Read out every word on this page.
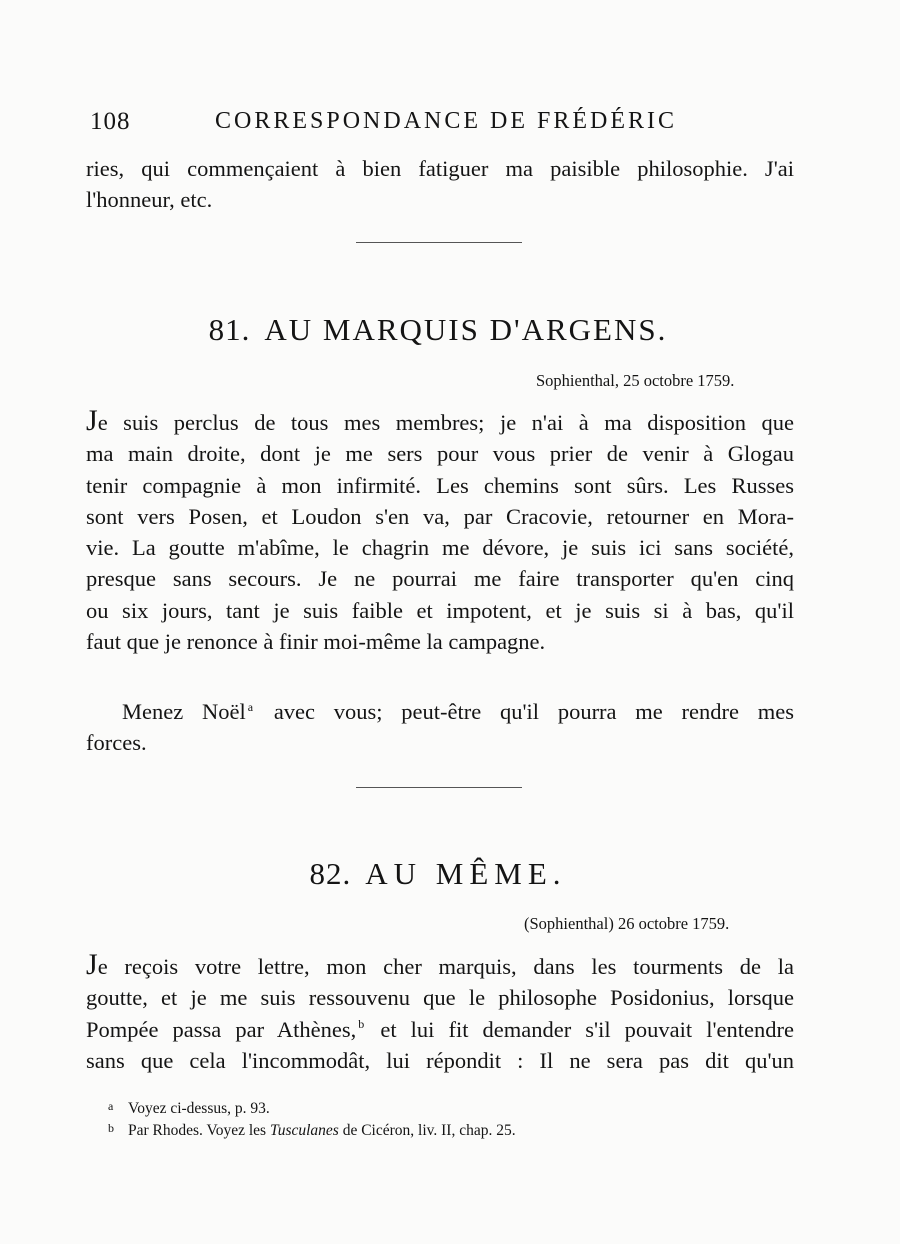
108	CORRESPONDANCE DE FRÉDÉRIC
ries, qui commençaient à bien fatiguer ma paisible philosophie. J'ai
l'honneur, etc.
81. AU MARQUIS D'ARGENS.
Sophienthal, 25 octobre 1759.
Je suis perclus de tous mes membres; je n'ai à ma disposition que
ma main droite, dont je me sers pour vous prier de venir à Glogau
tenir compagnie à mon infirmité. Les chemins sont sûrs. Les Russes
sont vers Posen, et Loudon s'en va, par Cracovie, retourner en Mora-
vie. La goutte m'abîme, le chagrin me dévore, je suis ici sans société,
presque sans secours. Je ne pourrai me faire transporter qu'en cinq
ou six jours, tant je suis faible et impotent, et je suis si à bas, qu'il
faut que je renonce à finir moi-même la campagne.
Menez Noël $^a$ avec vous; peut-être qu'il pourra me rendre mes
forces.
82. AU MÊME.
(Sophienthal) 26 octobre 1759.
Je reçois votre lettre, mon cher marquis, dans les tourments de la
goutte, et je me suis ressouvenu que le philosophe Posidonius, lorsque
Pompée passa par Athènes, $^b$ et lui fit demander s'il pouvait l'entendre
sans que cela l'incommodât, lui répondit : Il ne sera pas dit qu'un
a Voyez ci-dessus, p. 93.
b Par Rhodes. Voyez les Tusculanes de Cicéron, liv. II, chap. 25.
